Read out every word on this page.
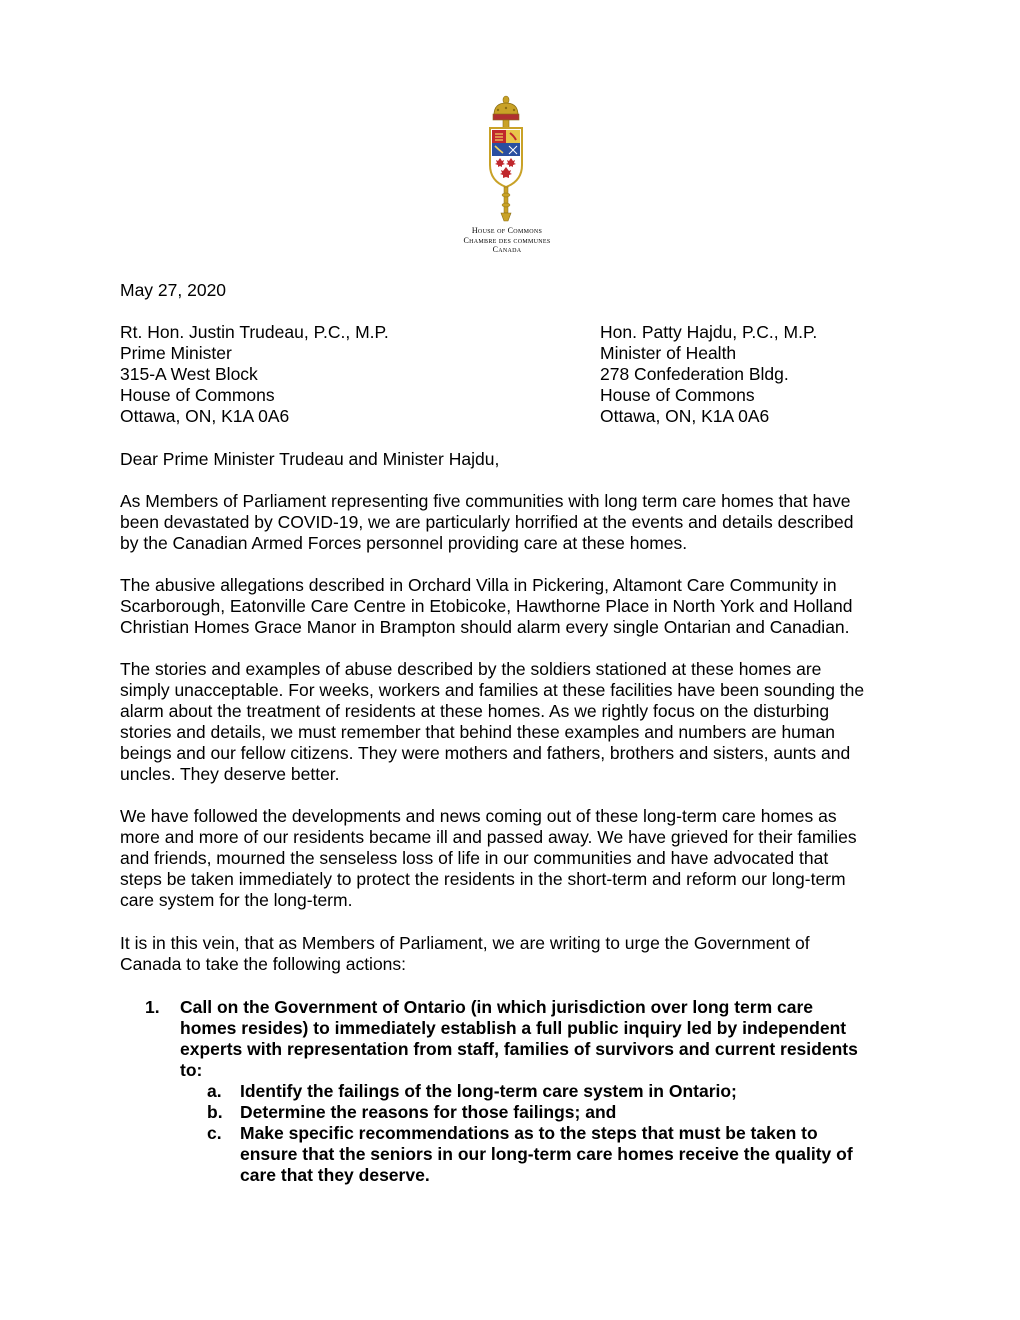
House of Commons
Chambre des communes
Canada
May 27, 2020
Rt. Hon. Justin Trudeau, P.C., M.P.
Prime Minister
315-A West Block
House of Commons
Ottawa, ON, K1A 0A6
Hon. Patty Hajdu, P.C., M.P.
Minister of Health
278 Confederation Bldg.
House of Commons
Ottawa, ON, K1A 0A6
Dear Prime Minister Trudeau and Minister Hajdu,
As Members of Parliament representing five communities with long term care homes that have
been devastated by COVID-19, we are particularly horrified at the events and details described
by the Canadian Armed Forces personnel providing care at these homes.
The abusive allegations described in Orchard Villa in Pickering, Altamont Care Community in
Scarborough, Eatonville Care Centre in Etobicoke, Hawthorne Place in North York and Holland
Christian Homes Grace Manor in Brampton should alarm every single Ontarian and Canadian.
The stories and examples of abuse described by the soldiers stationed at these homes are
simply unacceptable. For weeks, workers and families at these facilities have been sounding the
alarm about the treatment of residents at these homes. As we rightly focus on the disturbing
stories and details, we must remember that behind these examples and numbers are human
beings and our fellow citizens. They were mothers and fathers, brothers and sisters, aunts and
uncles. They deserve better.
We have followed the developments and news coming out of these long-term care homes as
more and more of our residents became ill and passed away. We have grieved for their families
and friends, mourned the senseless loss of life in our communities and have advocated that
steps be taken immediately to protect the residents in the short-term and reform our long-term
care system for the long-term.
It is in this vein, that as Members of Parliament, we are writing to urge the Government of
Canada to take the following actions:
1. Call on the Government of Ontario (in which jurisdiction over long term care
homes resides) to immediately establish a full public inquiry led by independent
experts with representation from staff, families of survivors and current residents
to:
a. Identify the failings of the long-term care system in Ontario;
b. Determine the reasons for those failings; and
c. Make specific recommendations as to the steps that must be taken to
ensure that the seniors in our long-term care homes receive the quality of
care that they deserve.
